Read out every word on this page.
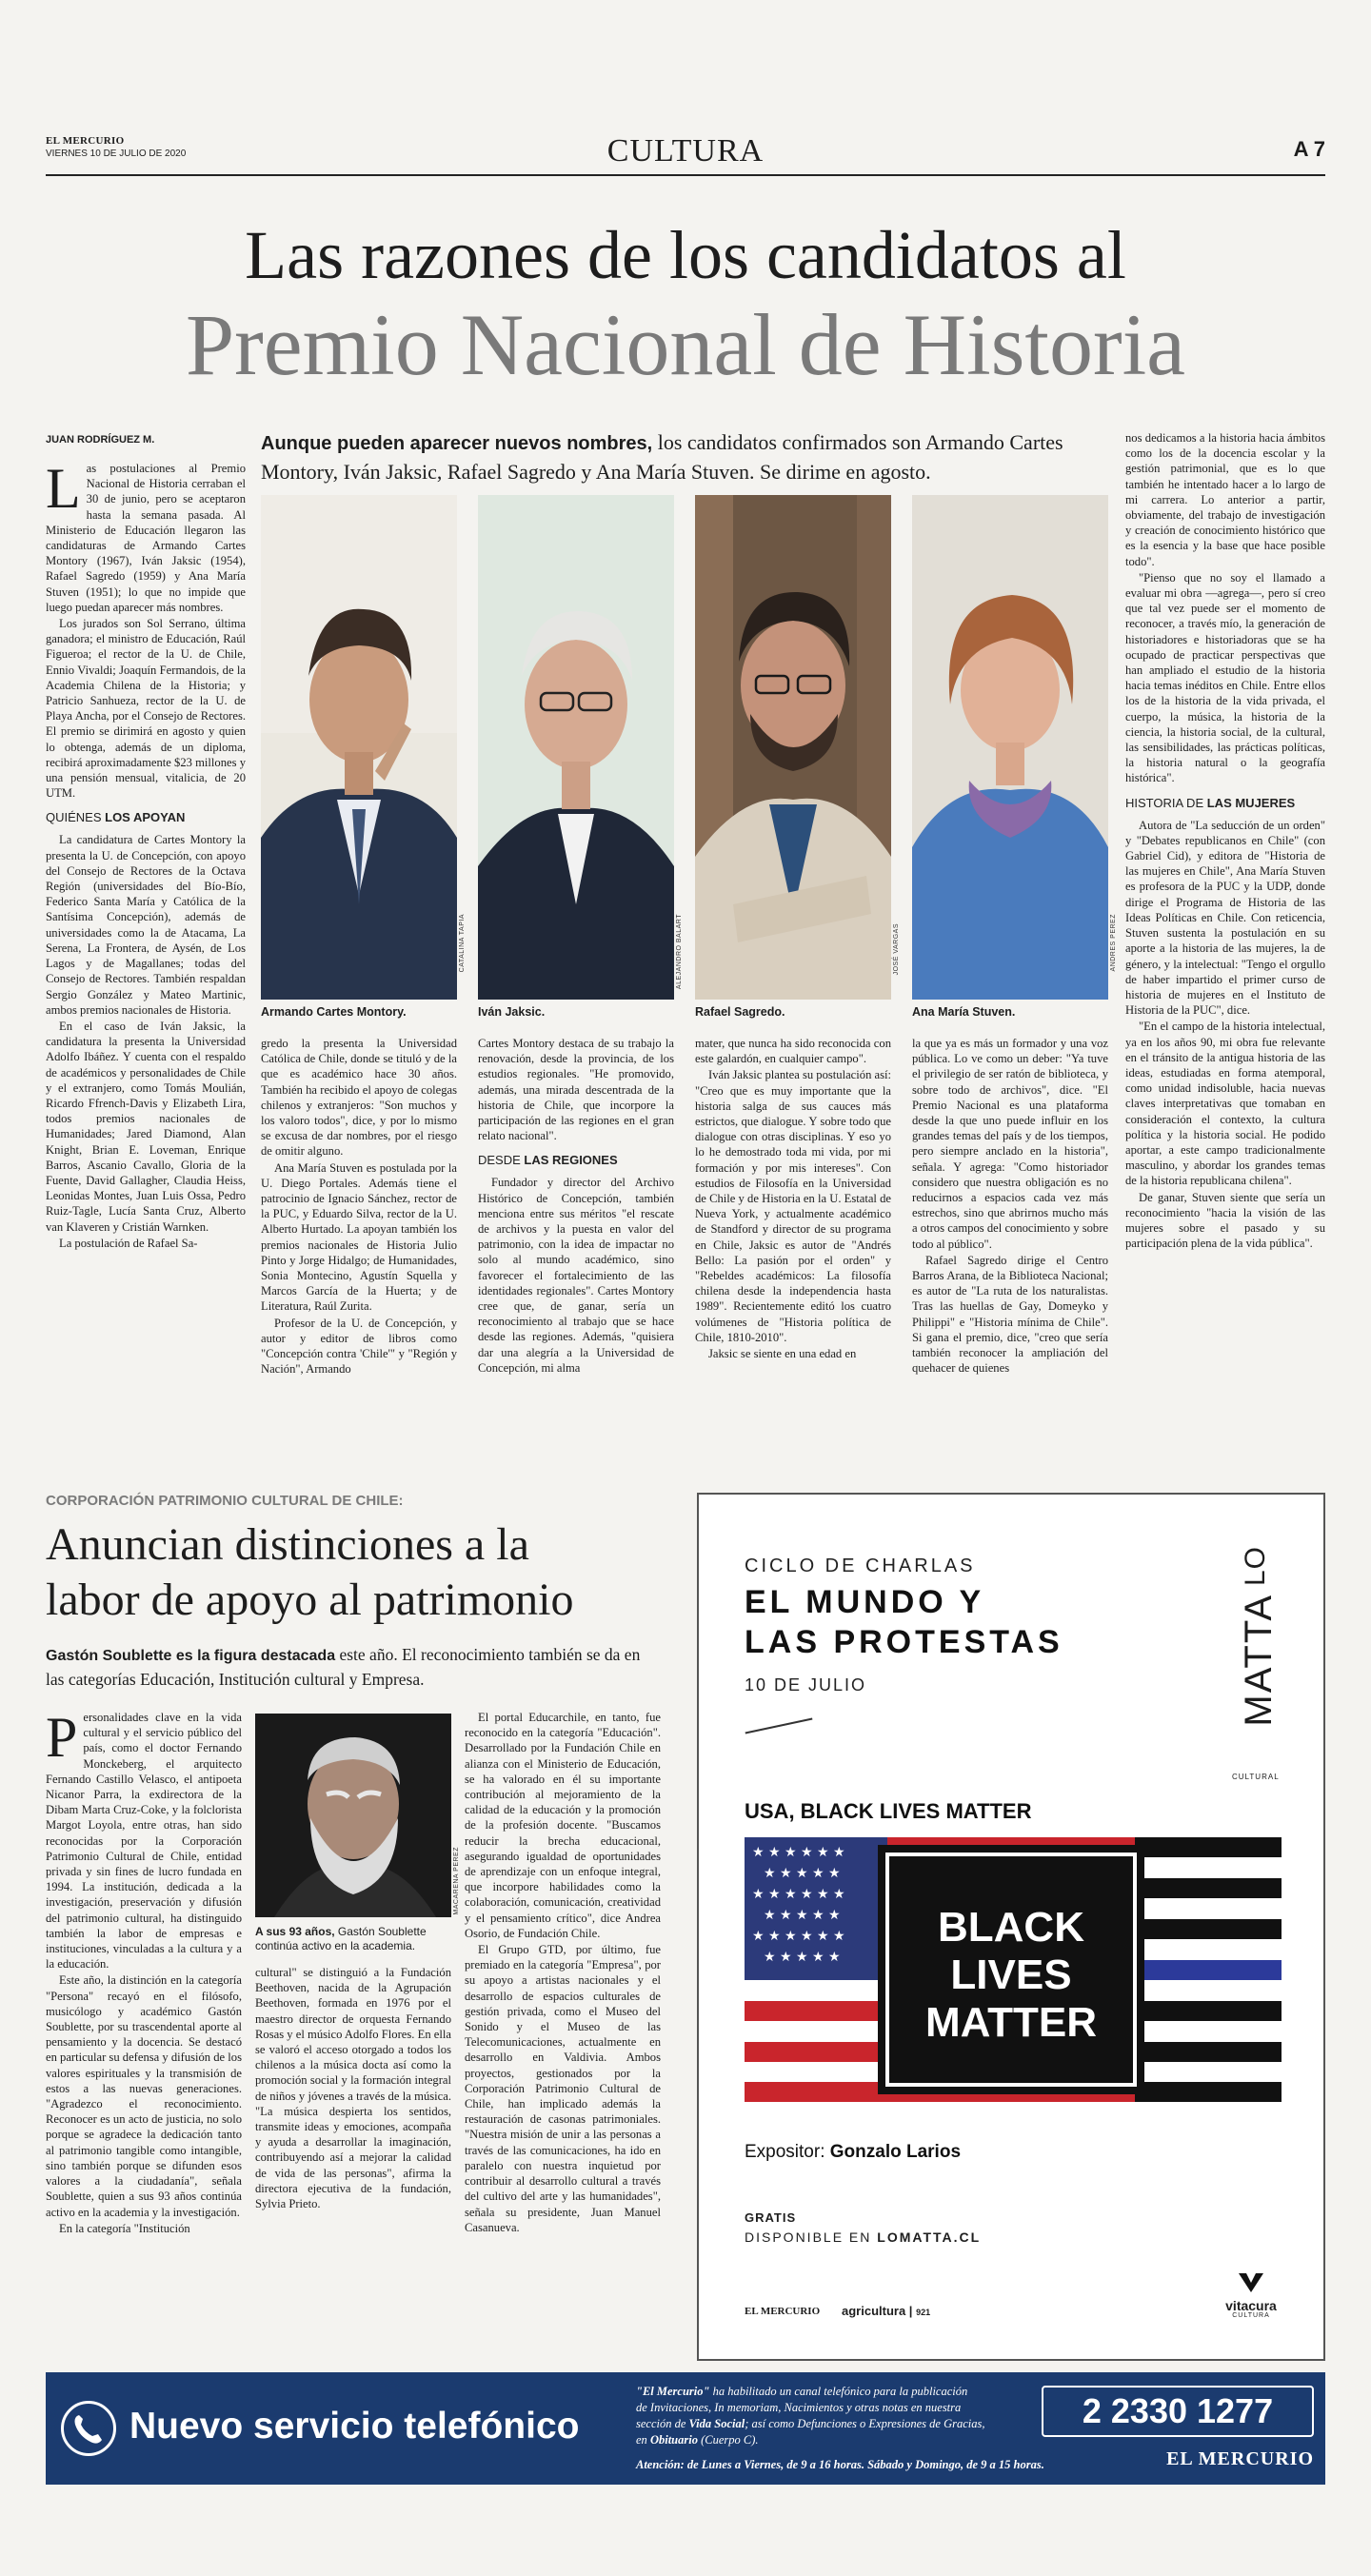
EL MERCURIO
VIERNES 10 DE JULIO DE 2020	CULTURA	A 7
Las razones de los candidatos al
Premio Nacional de Historia
JUAN RODRÍGUEZ M.	Aunque pueden aparecer nuevos nombres, los candidatos confirmados son Armando Cartes Montory, Iván Jaksic, Rafael Sagredo y Ana María Stuven. Se dirime en agosto.

Las postulaciones al Premio Nacional de Historia cerraban el 30 de junio, pero se aceptaron hasta la semana pasada. Al Ministerio de Educación llegaron las candidaturas de Armando Cartes Montory (1967), Iván Jaksic (1954), Rafael Sagredo (1959) y Ana María Stuven (1951); lo que no impide que luego puedan aparecer más nombres.

Los jurados son Sol Serrano, última ganadora; el ministro de Educación, Raúl Figueroa; el rector de la U. de Chile, Ennio Vivaldi; Joaquín Fermandois, de la Academia Chilena de la Historia; y Patricio Sanhueza, rector de la U. de Playa Ancha, por el Consejo de Rectores. El premio se dirimirá en agosto y quien lo obtenga, además de un diploma, recibirá aproximadamente $23 millones y una pensión mensual, vitalicia, de 20 UTM.

QUIÉNES LOS APOYAN

La candidatura de Cartes Montory la presenta la U. de Concepción, con apoyo del Consejo de Rectores de la Octava Región (universidades del Bío-Bío, Federico Santa María y Católica de la Santísima Concepción), además de universidades como la de Atacama, La Serena, La Frontera, de Aysén, de Los Lagos y de Magallanes; todas del Consejo de Rectores. También respaldan Sergio González y Mateo Martinic, ambos premios nacionales de Historia.

En el caso de Iván Jaksic, la candidatura la presenta la Universidad Adolfo Ibáñez. Y cuenta con el respaldo de académicos y personalidades de Chile y el extranjero, como Tomás Moulián, Ricardo Ffrench-Davis y Elizabeth Lira, todos premios nacionales de Humanidades; Jared Diamond, Alan Knight, Brian E. Loveman, Enrique Barros, Ascanio Cavallo, Gloria de la Fuente, David Gallagher, Claudia Heiss, Leonidas Montes, Juan Luis Ossa, Pedro Ruiz-Tagle, Lucía Santa Cruz, Alberto van Klaveren y Cristián Warnken.

La postulación de Rafael Sa-

CATALINA TAPIA	ALEJANDRO BALART	JOSÉ VARGAS	ANDRES PEREZ
Armando Cartes Montory.	Iván Jaksic.	Rafael Sagredo.	Ana María Stuven.

gredo la presenta la Universidad Católica de Chile, donde se tituló y de la que es académico hace 30 años. También ha recibido el apoyo de colegas chilenos y extranjeros: "Son muchos y los valoro todos", dice, y por lo mismo se excusa de dar nombres, por el riesgo de omitir alguno.

Ana María Stuven es postulada por la U. Diego Portales. Además tiene el patrocinio de Ignacio Sánchez, rector de la PUC, y Eduardo Silva, rector de la U. Alberto Hurtado. La apoyan también los premios nacionales de Historia Julio Pinto y Jorge Hidalgo; de Humanidades, Sonia Montecino, Agustín Squella y Marcos García de la Huerta; y de Literatura, Raúl Zurita.

Profesor de la U. de Concepción, y autor y editor de libros como "Concepción contra 'Chile'" y "Región y Nación", Armando

Cartes Montory destaca de su trabajo la renovación, desde la provincia, de los estudios regionales. "He promovido, además, una mirada descentrada de la historia de Chile, que incorpore la participación de las regiones en el gran relato nacional".

DESDE LAS REGIONES

Fundador y director del Archivo Histórico de Concepción, también menciona entre sus méritos "el rescate de archivos y la puesta en valor del patrimonio, con la idea de impactar no solo al mundo académico, sino favorecer el fortalecimiento de las identidades regionales". Cartes Montory cree que, de ganar, sería un reconocimiento al trabajo que se hace desde las regiones. Además, "quisiera dar una alegría a la Universidad de Concepción, mi alma

mater, que nunca ha sido reconocida con este galardón, en cualquier campo".

Iván Jaksic plantea su postulación así: "Creo que es muy importante que la historia salga de sus cauces más estrictos, que dialogue. Y sobre todo que dialogue con otras disciplinas. Y eso yo lo he demostrado toda mi vida, por mi formación y por mis intereses". Con estudios de Filosofía en la Universidad de Chile y de Historia en la U. Estatal de Nueva York, y actualmente académico de Standford y director de su programa en Chile, Jaksic es autor de "Andrés Bello: La pasión por el orden" y "Rebeldes académicos: La filosofía chilena desde la independencia hasta 1989". Recientemente editó los cuatro volúmenes de "Historia política de Chile, 1810-2010".

Jaksic se siente en una edad en

la que ya es más un formador y una voz pública. Lo ve como un deber: "Ya tuve el privilegio de ser ratón de biblioteca, y sobre todo de archivos", dice. "El Premio Nacional es una plataforma desde la que uno puede influir en los grandes temas del país y de los tiempos, pero siempre anclado en la historia", señala. Y agrega: "Como historiador considero que nuestra obligación es no reducirnos a espacios cada vez más estrechos, sino que abrirnos mucho más a otros campos del conocimiento y sobre todo al público".

Rafael Sagredo dirige el Centro Barros Arana, de la Biblioteca Nacional; es autor de "La ruta de los naturalistas. Tras las huellas de Gay, Domeyko y Philippi" e "Historia mínima de Chile". Si gana el premio, dice, "creo que sería también reconocer la ampliación del quehacer de quienes

nos dedicamos a la historia hacia ámbitos como los de la docencia escolar y la gestión patrimonial, que es lo que también he intentado hacer a lo largo de mi carrera. Lo anterior a partir, obviamente, del trabajo de investigación y creación de conocimiento histórico que es la esencia y la base que hace posible todo".

"Pienso que no soy el llamado a evaluar mi obra —agrega—, pero sí creo que tal vez puede ser el momento de reconocer, a través mío, la generación de historiadores e historiadoras que se ha ocupado de practicar perspectivas que han ampliado el estudio de la historia hacia temas inéditos en Chile. Entre ellos los de la historia de la vida privada, el cuerpo, la música, la historia de la ciencia, la historia social, de la cultural, las sensibilidades, las prácticas políticas, la historia natural o la geografía histórica".

HISTORIA DE LAS MUJERES

Autora de "La seducción de un orden" y "Debates republicanos en Chile" (con Gabriel Cid), y editora de "Historia de las mujeres en Chile", Ana María Stuven es profesora de la PUC y la UDP, donde dirige el Programa de Historia de las Ideas Políticas en Chile. Con reticencia, Stuven sustenta la postulación en su aporte a la historia de las mujeres, la de género, y la intelectual: "Tengo el orgullo de haber impartido el primer curso de historia de mujeres en el Instituto de Historia de la PUC", dice.

"En el campo de la historia intelectual, ya en los años 90, mi obra fue relevante en el tránsito de la antigua historia de las ideas, estudiadas en forma atemporal, como unidad indisoluble, hacia nuevas claves interpretativas que tomaban en consideración el contexto, la cultura política y la historia social. He podido aportar, a este campo tradicionalmente masculino, y abordar los grandes temas de la historia republicana chilena".

De ganar, Stuven siente que sería un reconocimiento "hacia la visión de las mujeres sobre el pasado y su participación plena de la vida pública".

CORPORACIÓN PATRIMONIO CULTURAL DE CHILE:
Anuncian distinciones a la
labor de apoyo al patrimonio
Gastón Soublette es la figura destacada este año. El reconocimiento también se da en las categorías Educación, Institución cultural y Empresa.

Personalidades clave en la vida cultural y el servicio público del país, como el doctor Fernando Monckeberg, el arquitecto Fernando Castillo Velasco, el antipoeta Nicanor Parra, la exdirectora de la Dibam Marta Cruz-Coke, y la folclorista Margot Loyola, entre otras, han sido reconocidas por la Corporación Patrimonio Cultural de Chile, entidad privada y sin fines de lucro fundada en 1994. La institución, dedicada a la investigación, preservación y difusión del patrimonio cultural, ha distinguido también la labor de empresas e instituciones, vinculadas a la cultura y a la educación.

Este año, la distinción en la categoría "Persona" recayó en el filósofo, musicólogo y académico Gastón Soublette, por su trascendental aporte al pensamiento y la docencia. Se destacó en particular su defensa y difusión de los valores espirituales y la transmisión de estos a las nuevas generaciones. "Agradezco el reconocimiento. Reconocer es un acto de justicia, no solo porque se agradece la dedicación tanto al patrimonio tangible como intangible, sino también porque se difunden esos valores a la ciudadanía", señala Soublette, quien a sus 93 años continúa activo en la academia y la investigación.

En la categoría "Institución

MACARENA PEREZ
A sus 93 años, Gastón Soublette continúa activo en la academia.

cultural" se distinguió a la Fundación Beethoven, nacida de la Agrupación Beethoven, formada en 1976 por el maestro director de orquesta Fernando Rosas y el músico Adolfo Flores. En ella se valoró el acceso otorgado a todos los chilenos a la música docta así como la promoción social y la formación integral de niños y jóvenes a través de la música. "La música despierta los sentidos, transmite ideas y emociones, acompaña y ayuda a desarrollar la imaginación, contribuyendo así a mejorar la calidad de vida de las personas", afirma la directora ejecutiva de la fundación, Sylvia Prieto.

El portal Educarchile, en tanto, fue reconocido en la categoría "Educación". Desarrollado por la Fundación Chile en alianza con el Ministerio de Educación, se ha valorado en él su importante contribución al mejoramiento de la calidad de la educación y la promoción de la profesión docente. "Buscamos reducir la brecha educacional, asegurando igualdad de oportunidades de aprendizaje con un enfoque integral, que incorpore habilidades como la colaboración, comunicación, creatividad y el pensamiento crítico", dice Andrea Osorio, de Fundación Chile.

El Grupo GTD, por último, fue premiado en la categoría "Empresa", por su apoyo a artistas nacionales y el desarrollo de espacios culturales de gestión privada, como el Museo del Sonido y el Museo de las Telecomunicaciones, actualmente en desarrollo en Valdivia. Ambos proyectos, gestionados por la Corporación Patrimonio Cultural de Chile, han implicado además la restauración de casonas patrimoniales. "Nuestra misión de unir a las personas a través de las comunicaciones, ha ido en paralelo con nuestra inquietud por contribuir al desarrollo cultural a través del cultivo del arte y las humanidades", señala su presidente, Juan Manuel Casanueva.

CICLO DE CHARLAS
EL MUNDO Y
LAS PROTESTAS
10 DE JULIO
LO
MATTA
CULTURAL
USA, BLACK LIVES MATTER
★ ★ ★ ★ ★ ★
★ ★ ★ ★ ★
★ ★ ★ ★ ★ ★
★ ★ ★ ★ ★
★ ★ ★ ★ ★ ★
★ ★ ★ ★ ★
BLACK
LIVES
MATTER
Expositor: Gonzalo Larios
GRATIS
DISPONIBLE EN LOMATTA.CL
EL MERCURIO agricultura | 921	vitacura
CULTURA
Nuevo servicio telefónico
"El Mercurio" ha habilitado un canal telefónico para la publicación
de Invitaciones, In memoriam, Nacimientos y otras notas en nuestra
sección de Vida Social; así como Defunciones o Expresiones de Gracias,
en Obituario (Cuerpo C).
Atención: de Lunes a Viernes, de 9 a 16 horas. Sábado y Domingo, de 9 a 15 horas.
2 2330 1277
EL MERCURIO
